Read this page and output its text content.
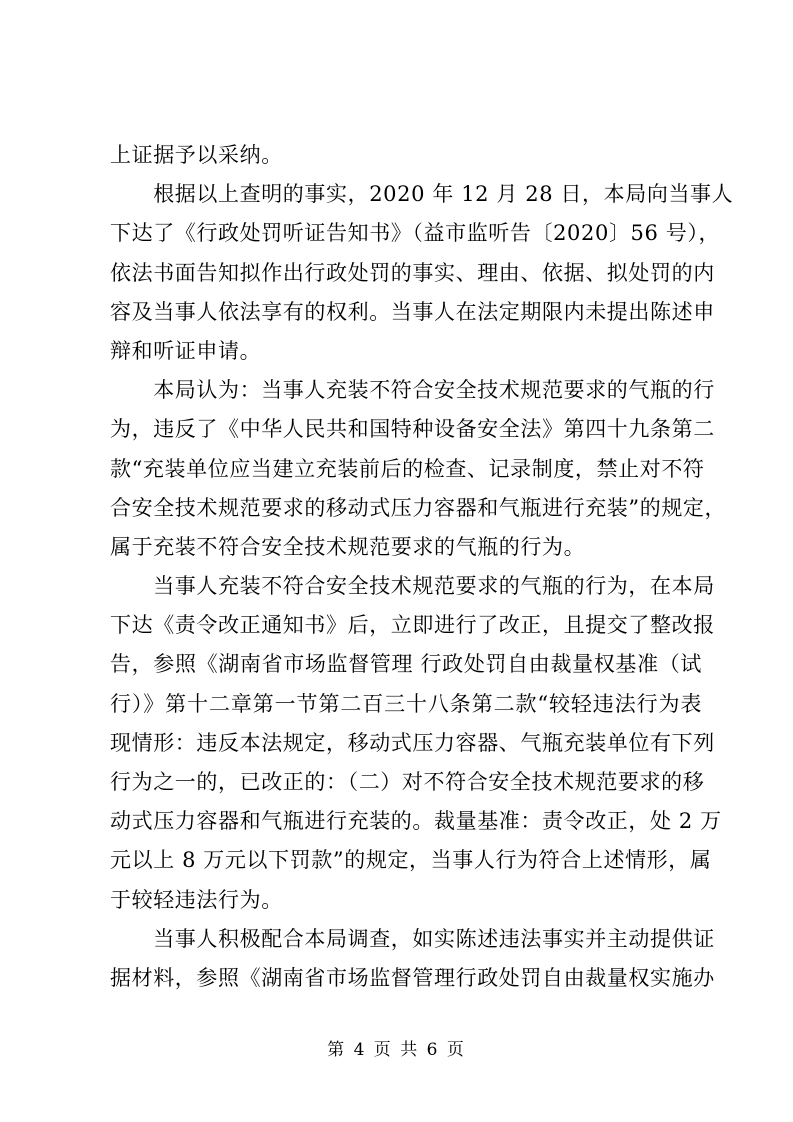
上证据予以采纳。
　　根据以上查明的事实，2020 年 12 月 28 日，本局向当事人
下达了《行政处罚听证告知书》（益市监听告〔2020〕56 号），
依法书面告知拟作出行政处罚的事实、理由、依据、拟处罚的内
容及当事人依法享有的权利。当事人在法定期限内未提出陈述申
辩和听证申请。
　　本局认为：当事人充装不符合安全技术规范要求的气瓶的行
为，违反了《中华人民共和国特种设备安全法》第四十九条第二
款“充装单位应当建立充装前后的检查、记录制度，禁止对不符
合安全技术规范要求的移动式压力容器和气瓶进行充装”的规定，
属于充装不符合安全技术规范要求的气瓶的行为。
　　当事人充装不符合安全技术规范要求的气瓶的行为，在本局
下达《责令改正通知书》后，立即进行了改正，且提交了整改报
告，参照《湖南省市场监督管理 行政处罚自由裁量权基准（试
行）》第十二章第一节第二百三十八条第二款“较轻违法行为表
现情形：违反本法规定，移动式压力容器、气瓶充装单位有下列
行为之一的，已改正的：（二）对不符合安全技术规范要求的移
动式压力容器和气瓶进行充装的。裁量基准：责令改正，处 2 万
元以上 8 万元以下罚款”的规定，当事人行为符合上述情形，属
于较轻违法行为。
　　当事人积极配合本局调查，如实陈述违法事实并主动提供证
据材料，参照《湖南省市场监督管理行政处罚自由裁量权实施办
第 4 页 共 6 页
